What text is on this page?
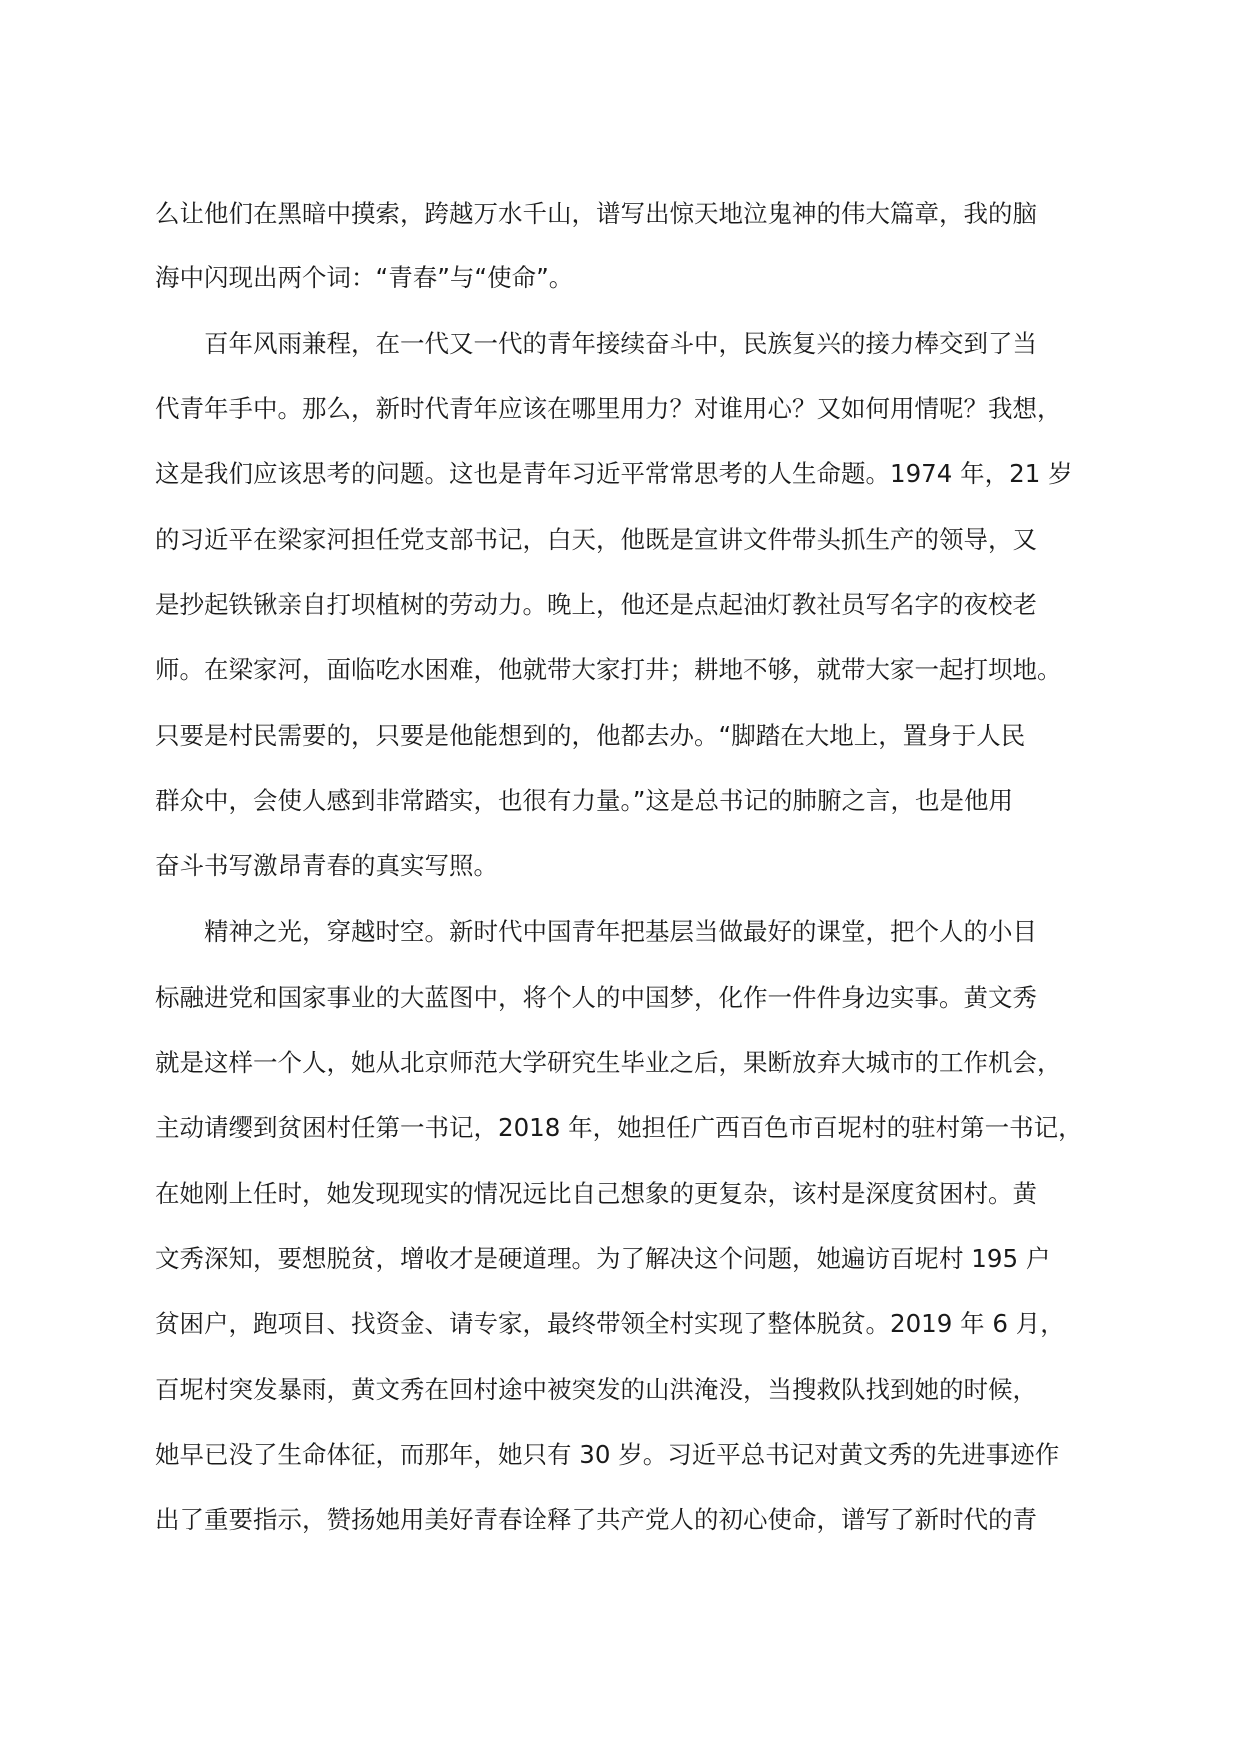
么让他们在黑暗中摸索，跨越万水千山，谱写出惊天地泣鬼神的伟大篇章，我的脑
海中闪现出两个词：“青春”与“使命”。
　　百年风雨兼程，在一代又一代的青年接续奋斗中，民族复兴的接力棒交到了当
代青年手中。那么，新时代青年应该在哪里用力？对谁用心？又如何用情呢？我想，
这是我们应该思考的问题。这也是青年习近平常常思考的人生命题。1974 年，21 岁
的习近平在梁家河担任党支部书记，白天，他既是宣讲文件带头抓生产的领导，又
是抄起铁锹亲自打坝植树的劳动力。晚上，他还是点起油灯教社员写名字的夜校老
师。在梁家河，面临吃水困难，他就带大家打井；耕地不够，就带大家一起打坝地。
只要是村民需要的，只要是他能想到的，他都去办。“脚踏在大地上，置身于人民
群众中，会使人感到非常踏实，也很有力量。”这是总书记的肺腑之言，也是他用
奋斗书写激昂青春的真实写照。
　　精神之光，穿越时空。新时代中国青年把基层当做最好的课堂，把个人的小目
标融进党和国家事业的大蓝图中，将个人的中国梦，化作一件件身边实事。黄文秀
就是这样一个人，她从北京师范大学研究生毕业之后，果断放弃大城市的工作机会，
主动请缨到贫困村任第一书记，2018 年，她担任广西百色市百坭村的驻村第一书记，
在她刚上任时，她发现现实的情况远比自己想象的更复杂，该村是深度贫困村。黄
文秀深知，要想脱贫，增收才是硬道理。为了解决这个问题，她遍访百坭村 195 户
贫困户，跑项目、找资金、请专家，最终带领全村实现了整体脱贫。2019 年 6 月，
百坭村突发暴雨，黄文秀在回村途中被突发的山洪淹没，当搜救队找到她的时候，
她早已没了生命体征，而那年，她只有 30 岁。习近平总书记对黄文秀的先进事迹作
出了重要指示，赞扬她用美好青春诠释了共产党人的初心使命，谱写了新时代的青
